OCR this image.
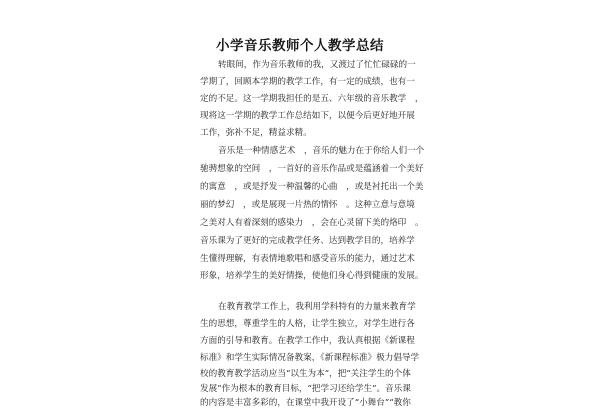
小学音乐教师个人教学总结
转眼间，作为音乐教师的我，又渡过了忙忙碌碌的一
学期了，回顾本学期的教学工作，有一定的成绩，也有一
定的不足。这一学期我担任的是五、六年级的音乐教学　，
现将这一学期的教学工作总结如下，以便今后更好地开展
工作，弥补不足，精益求精。
音乐是一种情感艺术　，音乐的魅力在于你给人们一个
驰骋想象的空间　，一首好的音乐作品或是蕴涵着一个美好
的寓意　，或是抒发一种温馨的心曲　，或是衬托出一个美
丽的梦幻　，或是展现一片热的情怀　。这种立意与意境
之美对人有着深刻的感染力　，会在心灵留下美的烙印　。
音乐课为了更好的完成教学任务、达到教学目的，培养学
生懂得理解，有表情地歌唱和感受音乐的能力，通过艺术
形象，培养学生的美好情操，使他们身心得到健康的发展。
在教育教学工作上，我利用学科特有的力量来教育学
生的思想，尊重学生的人格，让学生独立，对学生进行各
方面的引导和教育。在教学工作中，我认真根据《新课程
标准》和学生实际情况备教案，《新课程标准》极力倡导学
校的教育教学活动应当“以生为本”，把“关注学生的个体
发展”作为根本的教育目标，“把学习还给学生”。音乐课
的内容是丰富多彩的，在课堂中我开设了“小舞台”“教你
